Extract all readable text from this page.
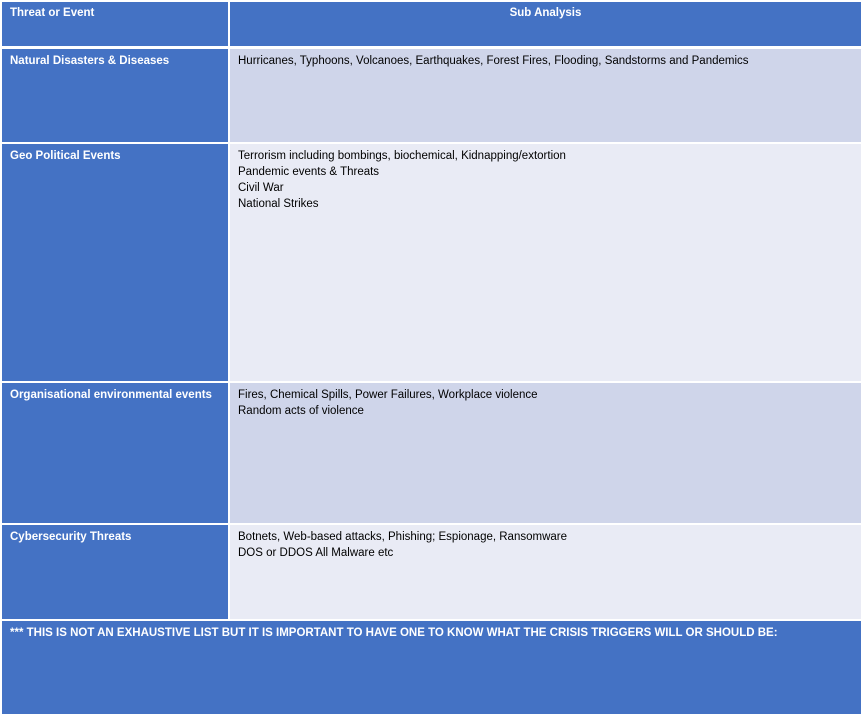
Threat or Event	Sub Analysis
Natural Disasters & Diseases	Hurricanes, Typhoons, Volcanoes, Earthquakes, Forest Fires, Flooding, Sandstorms and Pandemics
Geo Political Events	Terrorism including bombings, biochemical, Kidnapping/extortion
Pandemic events & Threats
Civil War
National Strikes
Organisational environmental events	Fires, Chemical Spills, Power Failures, Workplace violence
Random acts of violence
Cybersecurity Threats	Botnets, Web-based attacks, Phishing; Espionage, Ransomware
DOS or DDOS All Malware etc
*** THIS IS NOT AN EXHAUSTIVE LIST BUT IT IS IMPORTANT TO HAVE ONE TO KNOW WHAT THE CRISIS TRIGGERS WILL OR SHOULD BE:
